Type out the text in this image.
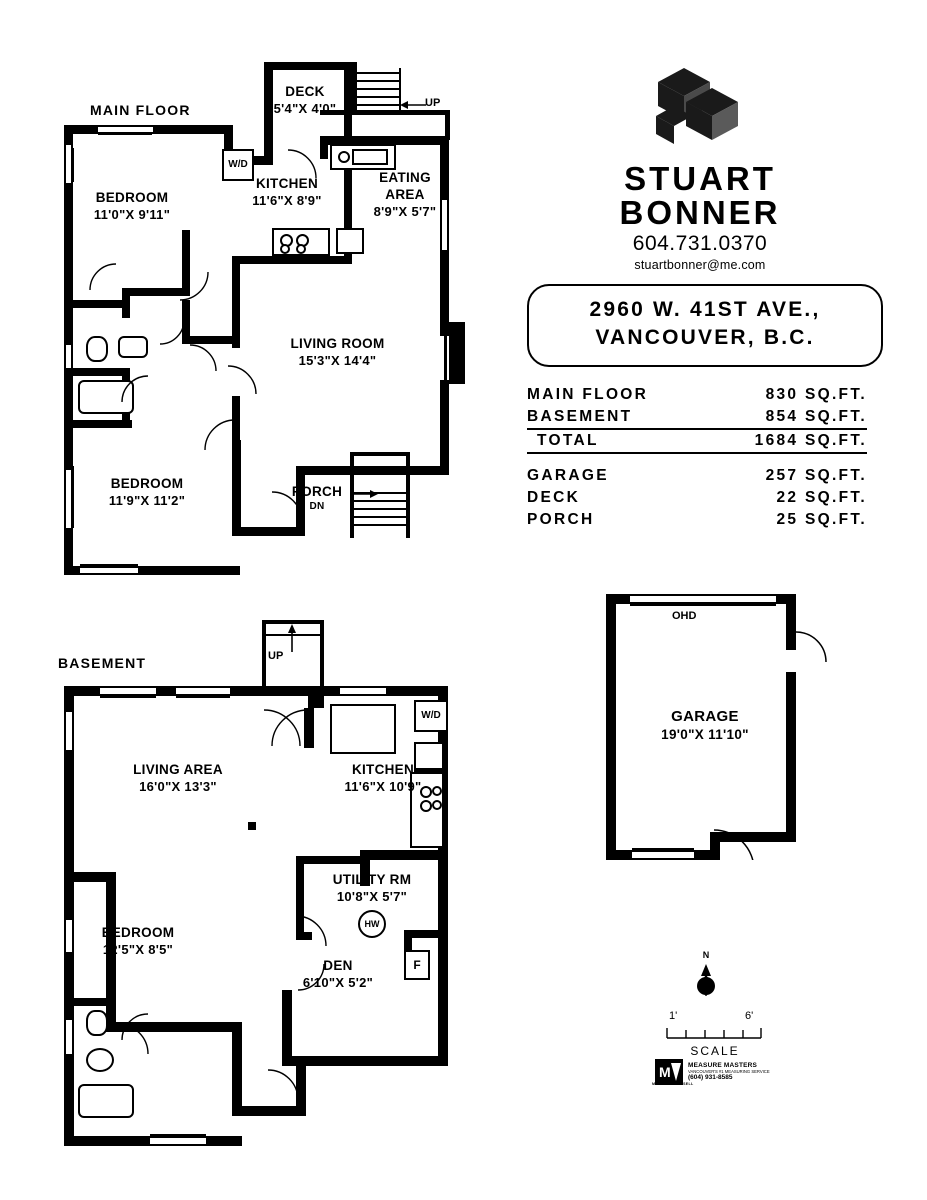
MAIN FLOOR	UP
W/D
DECK
5'4"X 4'0"
KITCHEN
11'6"X 8'9"
EATING
AREA
8'9"X 5'7"
BEDROOM
11'0"X 9'11"
LIVING ROOM
15'3"X 14'4"
BEDROOM
11'9"X 11'2"
PORCH
DN
BASEMENT	UP
W/D
HW
F
LIVING AREA
16'0"X 13'3"
KITCHEN
11'6"X 10'9"
BEDROOM
12'5"X 8'5"
UTILITY RM
10'8"X 5'7"
DEN
6'10"X 5'2"
STUART
BONNER
604.731.0370
stuartbonner@me.com
2960 W. 41ST AVE.,
VANCOUVER, B.C.
MAIN FLOOR	830 SQ.FT.
BASEMENT	854 SQ.FT.
TOTAL	1684 SQ.FT.
GARAGE	257 SQ.FT.
DECK	22 SQ.FT.
PORCH	25 SQ.FT.
OHD
GARAGE
19'0"X 11'10"
N
1'	6'
SCALE
M	MEASURE MASTERS
VANCOUVER'S #1 MEASURING SERVICE
(604) 931-8585
MEASURE BUY SELL
